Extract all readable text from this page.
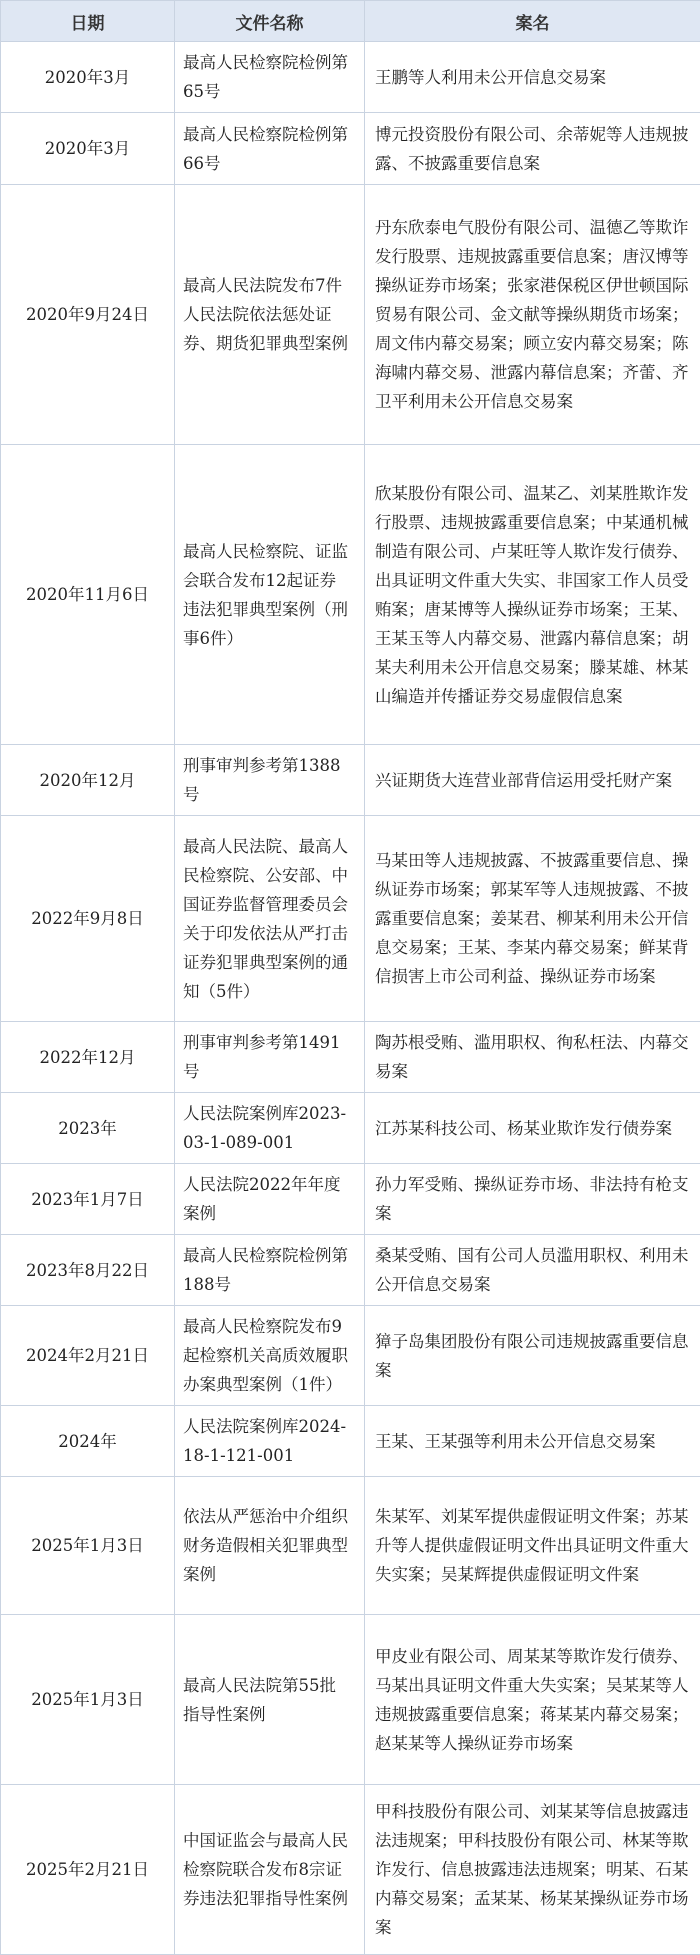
日期	文件名称	案名
2020年3月	最高人民检察院检例第65号	王鹏等人利用未公开信息交易案
2020年3月	最高人民检察院检例第66号	博元投资股份有限公司、余蒂妮等人违规披露、不披露重要信息案
2020年9月24日	最高人民法院发布7件人民法院依法惩处证券、期货犯罪典型案例	丹东欣泰电气股份有限公司、温德乙等欺诈发行股票、违规披露重要信息案；唐汉博等操纵证券市场案；张家港保税区伊世顿国际贸易有限公司、金文献等操纵期货市场案；周文伟内幕交易案；顾立安内幕交易案；陈海啸内幕交易、泄露内幕信息案；齐蕾、齐卫平利用未公开信息交易案
2020年11月6日	最高人民检察院、证监会联合发布12起证券违法犯罪典型案例（刑事6件）	欣某股份有限公司、温某乙、刘某胜欺诈发行股票、违规披露重要信息案；中某通机械制造有限公司、卢某旺等人欺诈发行债券、出具证明文件重大失实、非国家工作人员受贿案；唐某博等人操纵证券市场案；王某、王某玉等人内幕交易、泄露内幕信息案；胡某夫利用未公开信息交易案；滕某雄、林某山编造并传播证券交易虚假信息案
2020年12月	刑事审判参考第1388号	兴证期货大连营业部背信运用受托财产案
2022年9月8日	最高人民法院、最高人民检察院、公安部、中国证券监督管理委员会关于印发依法从严打击证券犯罪典型案例的通知（5件）	马某田等人违规披露、不披露重要信息、操纵证券市场案；郭某军等人违规披露、不披露重要信息案；姜某君、柳某利用未公开信息交易案；王某、李某内幕交易案；鲜某背信损害上市公司利益、操纵证券市场案
2022年12月	刑事审判参考第1491号	陶苏根受贿、滥用职权、徇私枉法、内幕交易案
2023年	人民法院案例库2023-03-1-089-001	江苏某科技公司、杨某业欺诈发行债券案
2023年1月7日	人民法院2022年年度案例	孙力军受贿、操纵证券市场、非法持有枪支案
2023年8月22日	最高人民检察院检例第188号	桑某受贿、国有公司人员滥用职权、利用未公开信息交易案
2024年2月21日	最高人民检察院发布9起检察机关高质效履职办案典型案例（1件）	獐子岛集团股份有限公司违规披露重要信息案
2024年	人民法院案例库2024-18-1-121-001	王某、王某强等利用未公开信息交易案
2025年1月3日	依法从严惩治中介组织财务造假相关犯罪典型案例	朱某军、刘某军提供虚假证明文件案；苏某升等人提供虚假证明文件出具证明文件重大失实案；吴某辉提供虚假证明文件案
2025年1月3日	最高人民法院第55批指导性案例	甲皮业有限公司、周某某等欺诈发行债券、马某出具证明文件重大失实案；吴某某等人违规披露重要信息案；蒋某某内幕交易案；赵某某等人操纵证券市场案
2025年2月21日	中国证监会与最高人民检察院联合发布8宗证券违法犯罪指导性案例	甲科技股份有限公司、刘某某等信息披露违法违规案；甲科技股份有限公司、林某等欺诈发行、信息披露违法违规案；明某、石某内幕交易案；孟某某、杨某某操纵证券市场案
